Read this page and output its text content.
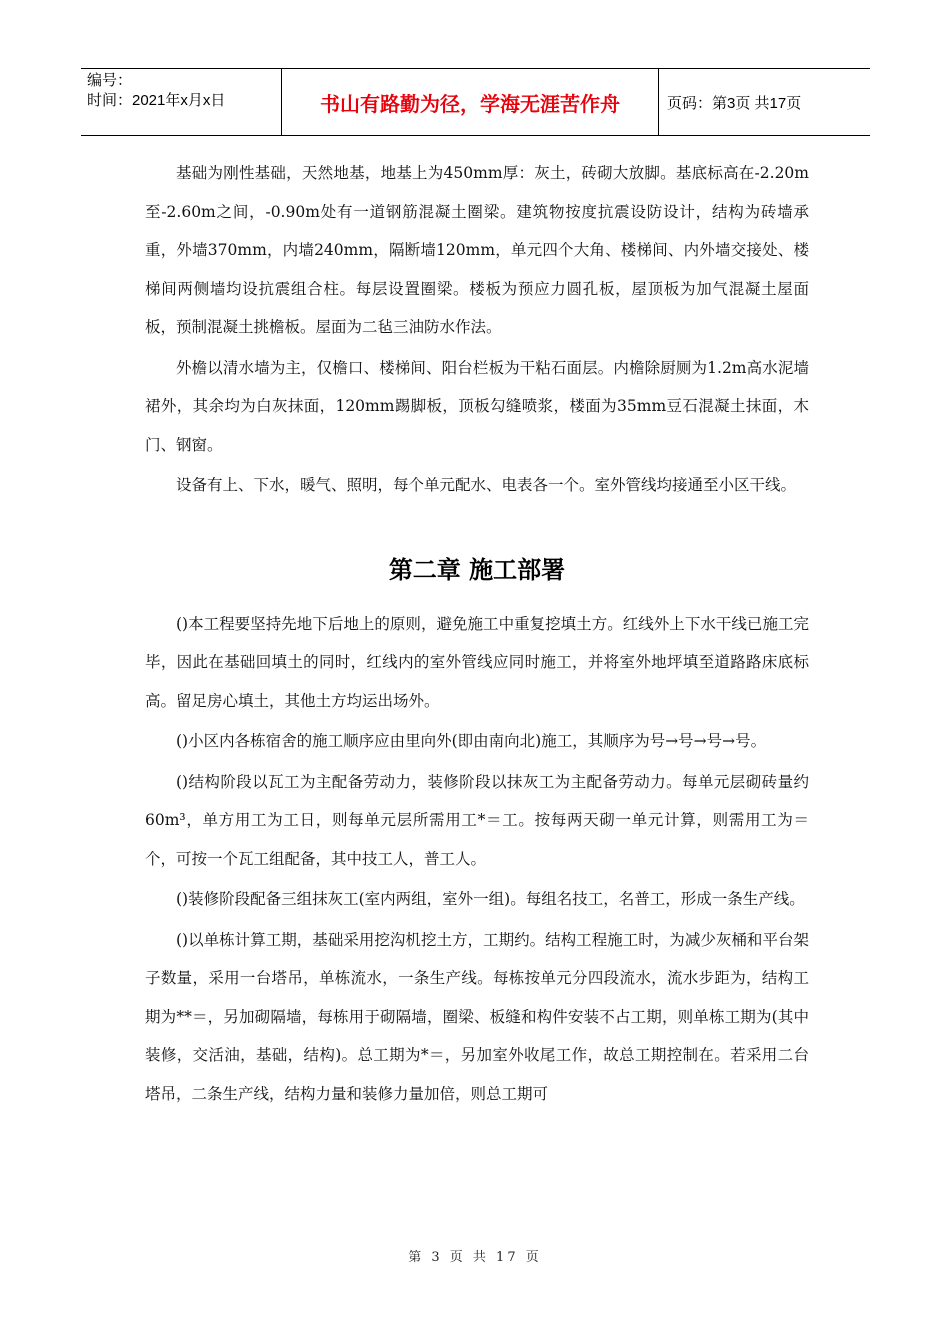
编号：
时间：2021年x月x日	书山有路勤为径，学海无涯苦作舟	页码：第3页 共17页

基础为刚性基础，天然地基，地基上为450mm厚：灰土，砖砌大放脚。基底标高在-2.20m至-2.60m之间，-0.90m处有一道钢筋混凝土圈梁。建筑物按度抗震设防设计，结构为砖墙承重，外墙370mm，内墙240mm，隔断墙120mm，单元四个大角、楼梯间、内外墙交接处、楼梯间两侧墙均设抗震组合柱。每层设置圈梁。楼板为预应力圆孔板，屋顶板为加气混凝土屋面板，预制混凝土挑檐板。屋面为二毡三油防水作法。

外檐以清水墙为主，仅檐口、楼梯间、阳台栏板为干粘石面层。内檐除厨厕为1.2m高水泥墙裙外，其余均为白灰抹面，120mm踢脚板，顶板勾缝喷浆，楼面为35mm豆石混凝土抹面，木门、钢窗。

设备有上、下水，暖气、照明，每个单元配水、电表各一个。室外管线均接通至小区干线。

第二章 施工部署

()本工程要坚持先地下后地上的原则，避免施工中重复挖填土方。红线外上下水干线已施工完毕，因此在基础回填土的同时，红线内的室外管线应同时施工，并将室外地坪填至道路路床底标高。留足房心填土，其他土方均运出场外。

()小区内各栋宿舍的施工顺序应由里向外(即由南向北)施工，其顺序为号→号→号→号。

()结构阶段以瓦工为主配备劳动力，装修阶段以抹灰工为主配备劳动力。每单元层砌砖量约60m³，单方用工为工日，则每单元层所需用工*＝工。按每两天砌一单元计算，则需用工为＝个，可按一个瓦工组配备，其中技工人，普工人。

()装修阶段配备三组抹灰工(室内两组，室外一组)。每组名技工，名普工，形成一条生产线。

()以单栋计算工期，基础采用挖沟机挖土方，工期约。结构工程施工时，为减少灰桶和平台架子数量，采用一台塔吊，单栋流水，一条生产线。每栋按单元分四段流水，流水步距为，结构工期为**＝，另加砌隔墙，每栋用于砌隔墙，圈梁、板缝和构件安装不占工期，则单栋工期为(其中装修，交活油，基础，结构)。总工期为*＝，另加室外收尾工作，故总工期控制在。若采用二台塔吊，二条生产线，结构力量和装修力量加倍，则总工期可

第 3 页 共 17 页
